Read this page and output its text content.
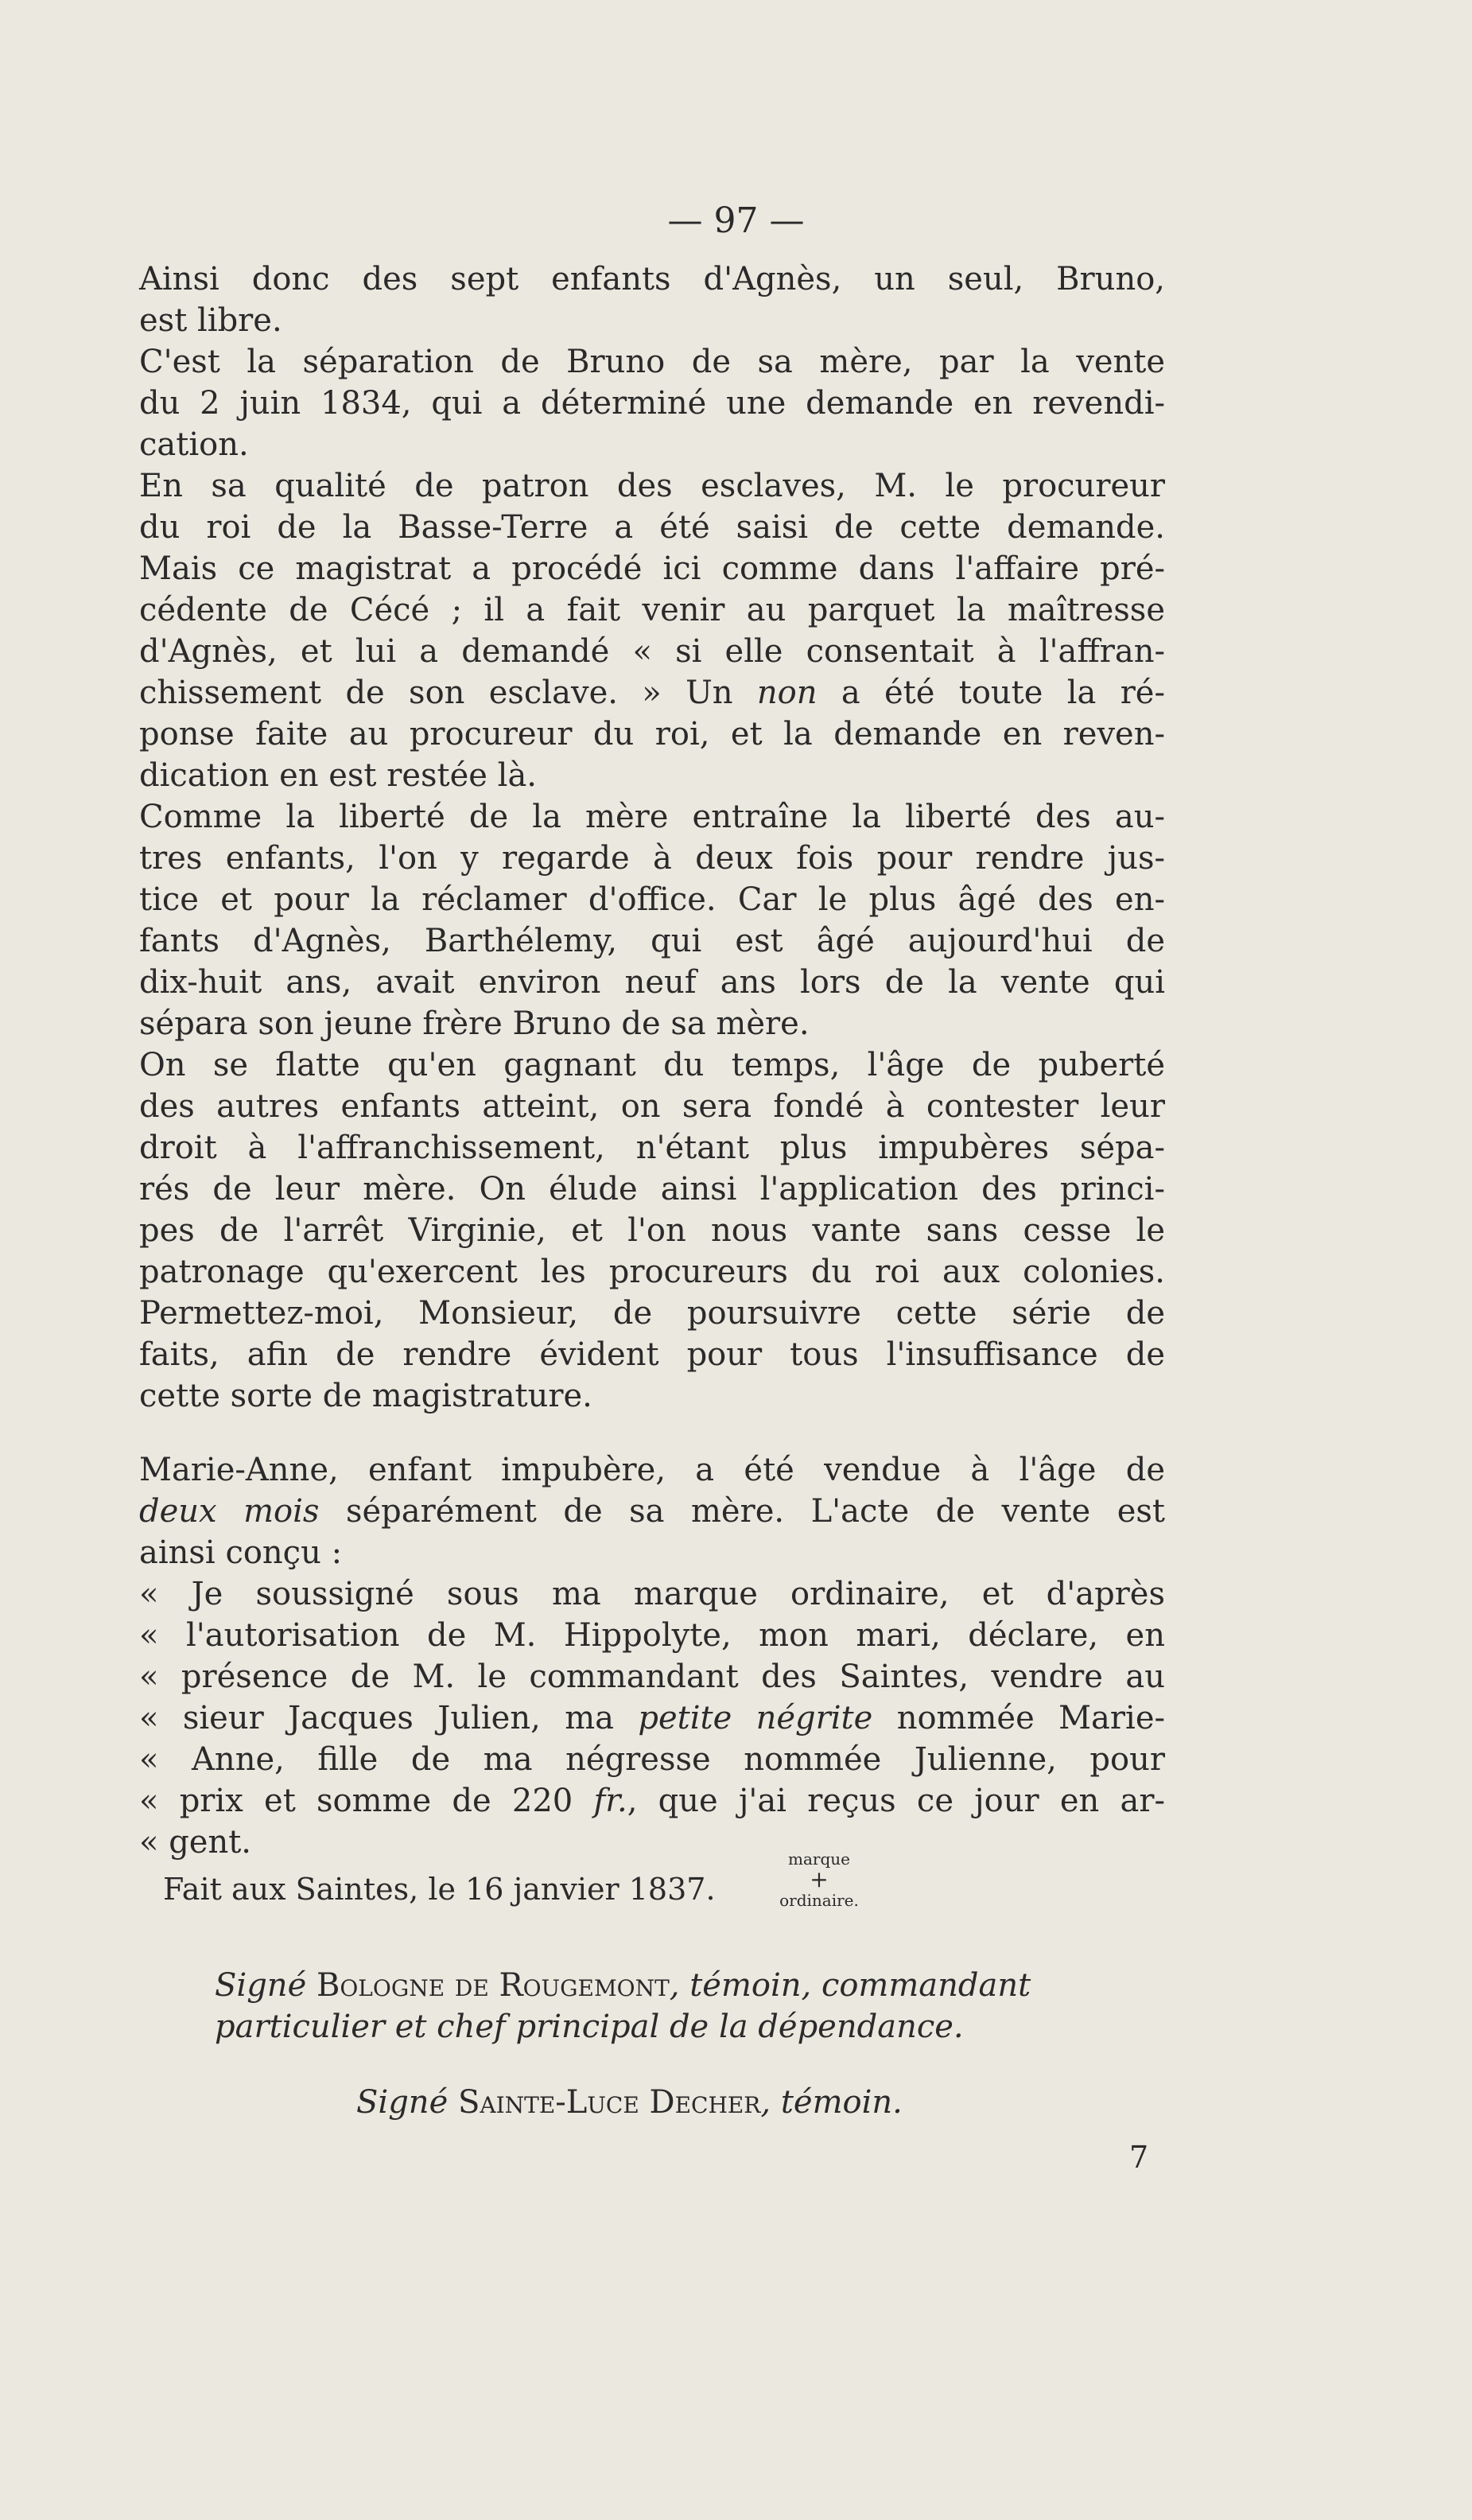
— 97 —
Ainsi donc des sept enfants d'Agnès, un seul, Bruno,
est libre.
C'est la séparation de Bruno de sa mère, par la vente
du 2 juin 1834, qui a déterminé une demande en revendi-
cation.
En sa qualité de patron des esclaves, M. le procureur
du roi de la Basse-Terre a été saisi de cette demande.
Mais ce magistrat a procédé ici comme dans l'affaire pré-
cédente de Cécé ; il a fait venir au parquet la maîtresse
d'Agnès, et lui a demandé « si elle consentait à l'affran-
chissement de son esclave. » Un non a été toute la ré-
ponse faite au procureur du roi, et la demande en reven-
dication en est restée là.
Comme la liberté de la mère entraîne la liberté des au-
tres enfants, l'on y regarde à deux fois pour rendre jus-
tice et pour la réclamer d'office. Car le plus âgé des en-
fants d'Agnès, Barthélemy, qui est âgé aujourd'hui de
dix-huit ans, avait environ neuf ans lors de la vente qui
sépara son jeune frère Bruno de sa mère.
On se flatte qu'en gagnant du temps, l'âge de puberté
des autres enfants atteint, on sera fondé à contester leur
droit à l'affranchissement, n'étant plus impubères sépa-
rés de leur mère. On élude ainsi l'application des princi-
pes de l'arrêt Virginie, et l'on nous vante sans cesse le
patronage qu'exercent les procureurs du roi aux colonies.
Permettez-moi, Monsieur, de poursuivre cette série de
faits, afin de rendre évident pour tous l'insuffisance de
cette sorte de magistrature.
Marie-Anne, enfant impubère, a été vendue à l'âge de
deux mois séparément de sa mère. L'acte de vente est
ainsi conçu :
« Je soussigné sous ma marque ordinaire, et d'après
« l'autorisation de M. Hippolyte, mon mari, déclare, en
« présence de M. le commandant des Saintes, vendre au
« sieur Jacques Julien, ma petite négrite nommée Marie-
« Anne, fille de ma négresse nommée Julienne, pour
« prix et somme de 220 fr., que j'ai reçus ce jour en ar-
« gent.	marque
+
ordinaire.
Fait aux Saintes, le 16 janvier 1837.
Signé Bologne de Rougemont, témoin, commandant
particulier et chef principal de la dépendance.
Signé Sainte-Luce Decher, témoin.
7
